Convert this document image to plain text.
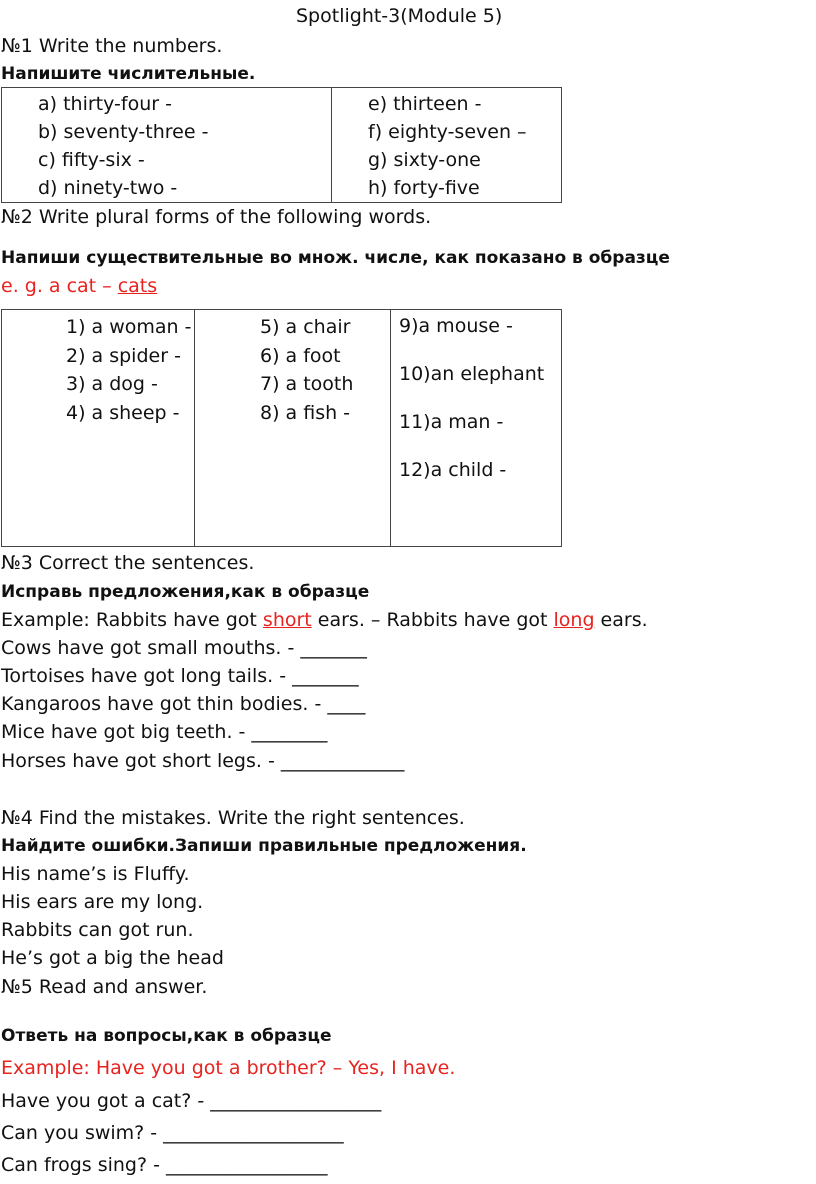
Spotlight-3(Module 5)
№1 Write the numbers.
Напишите числительные.
a) thirty-four -
b) seventy-three -
c) fifty-six -
d) ninety-two -

e) thirteen -
f) eighty-seven –
g) sixty-one
h) forty-five
№2 Write plural forms of the following words.
Напиши существительные во множ. числе, как показано в образце
e. g. a cat – cats
1) a woman -
2) a spider -
3) a dog -
4) a sheep -

5) a chair
6) a foot
7) a tooth
8) a fish -

9)a mouse -
10)an elephant
11)a man -
12)a child -
№3 Correct the sentences.
Исправь предложения,как в образце
Example: Rabbits have got short ears. – Rabbits have got long ears.
Cows have got small mouths. - _______
Tortoises have got long tails. - _______
Kangaroos have got thin bodies. - ____
Mice have got big teeth. - ________
Horses have got short legs. - _____________
№4 Find the mistakes. Write the right sentences.
Найдите ошибки.Запиши правильные предложения.
His name’s is Fluffy.
His ears are my long.
Rabbits can got run.
He’s got a big the head
№5 Read and answer.
Ответь на вопросы,как в образце
Example: Have you got a brother? – Yes, I have.
Have you got a cat? - __________________
Can you swim? - ___________________
Can frogs sing? - _________________
